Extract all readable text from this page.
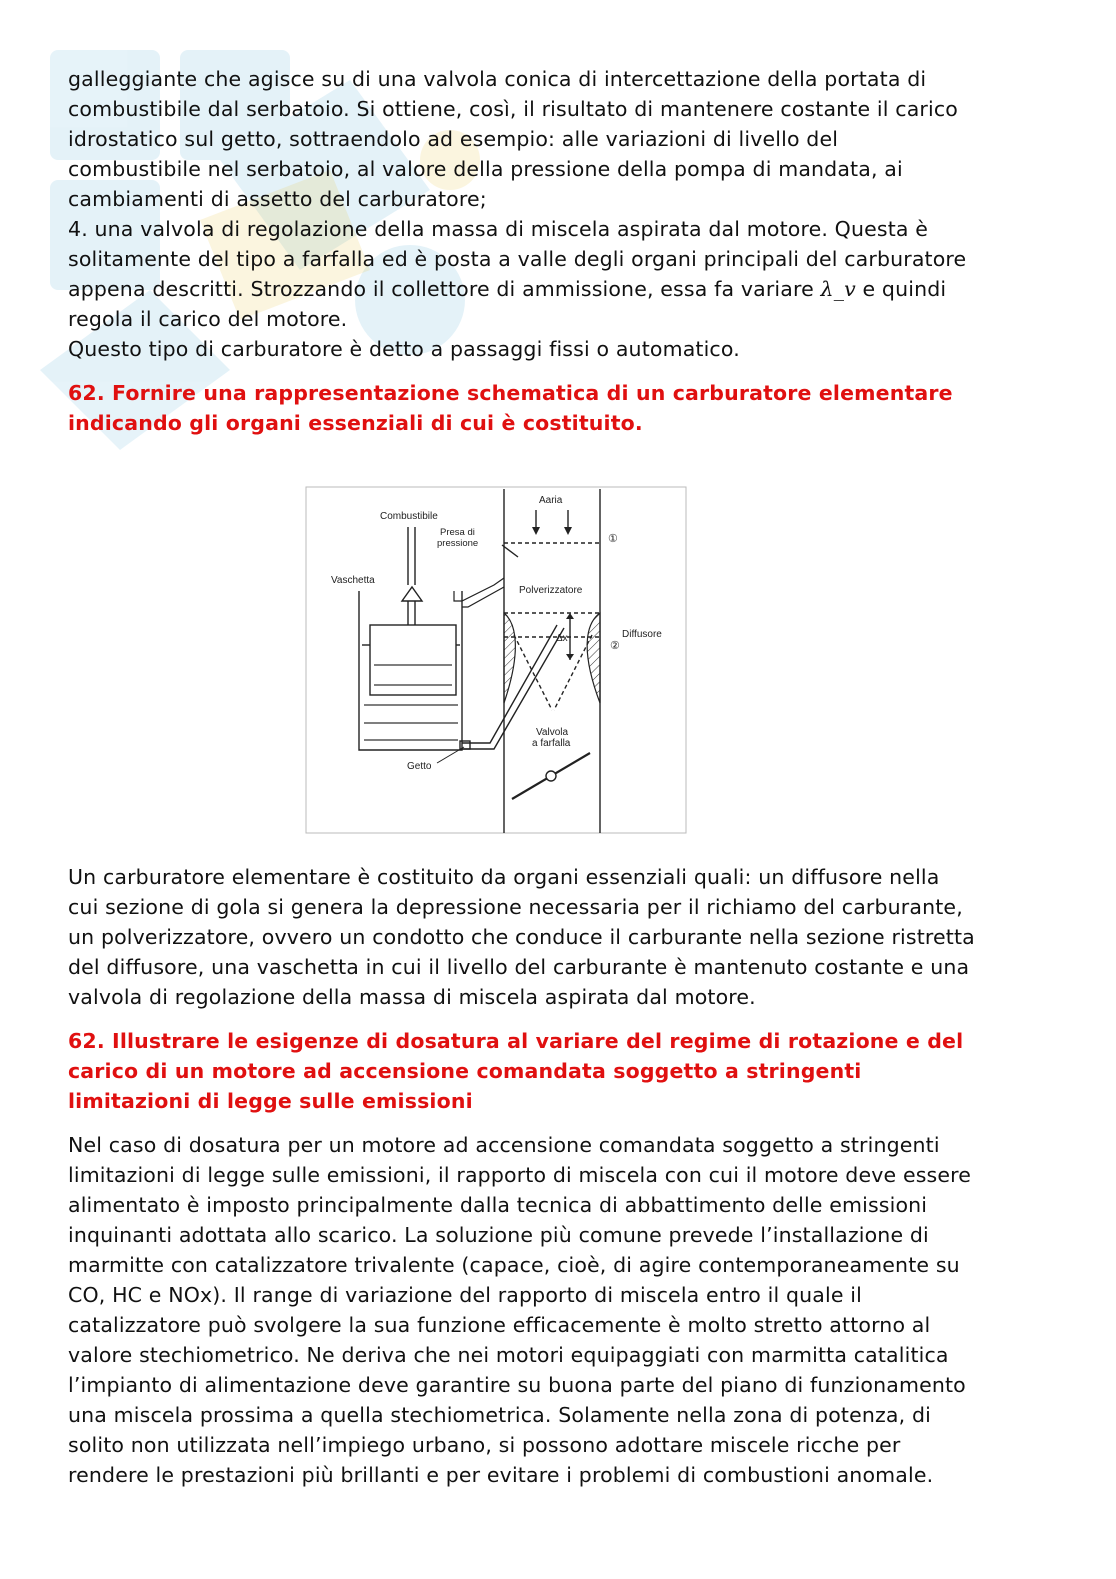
galleggiante che agisce su di una valvola conica di intercettazione della portata di
combustibile dal serbatoio. Si ottiene, così, il risultato di mantenere costante il carico
idrostatico sul getto, sottraendolo ad esempio: alle variazioni di livello del
combustibile nel serbatoio, al valore della pressione della pompa di mandata, ai
cambiamenti di assetto del carburatore;
4. una valvola di regolazione della massa di miscela aspirata dal motore. Questa è
solitamente del tipo a farfalla ed è posta a valle degli organi principali del carburatore
appena descritti. Strozzando il collettore di ammissione, essa fa variare λ_v e quindi
regola il carico del motore.
Questo tipo di carburatore è detto a passaggi fissi o automatico.

62. Fornire una rappresentazione schematica di un carburatore elementare
indicando gli organi essenziali di cui è costituito.
Aaria
Combustibile
Presa di
pressione
Vaschetta
Polverizzatore
Diffusore
Δx
Valvola
a farfalla
Getto
①
②

Un carburatore elementare è costituito da organi essenziali quali: un diffusore nella
cui sezione di gola si genera la depressione necessaria per il richiamo del carburante,
un polverizzatore, ovvero un condotto che conduce il carburante nella sezione ristretta
del diffusore, una vaschetta in cui il livello del carburante è mantenuto costante e una
valvola di regolazione della massa di miscela aspirata dal motore.

62. Illustrare le esigenze di dosatura al variare del regime di rotazione e del
carico di un motore ad accensione comandata soggetto a stringenti
limitazioni di legge sulle emissioni

Nel caso di dosatura per un motore ad accensione comandata soggetto a stringenti
limitazioni di legge sulle emissioni, il rapporto di miscela con cui il motore deve essere
alimentato è imposto principalmente dalla tecnica di abbattimento delle emissioni
inquinanti adottata allo scarico. La soluzione più comune prevede l’installazione di
marmitte con catalizzatore trivalente (capace, cioè, di agire contemporaneamente su
CO, HC e NOx). Il range di variazione del rapporto di miscela entro il quale il
catalizzatore può svolgere la sua funzione efficacemente è molto stretto attorno al
valore stechiometrico. Ne deriva che nei motori equipaggiati con marmitta catalitica
l’impianto di alimentazione deve garantire su buona parte del piano di funzionamento
una miscela prossima a quella stechiometrica. Solamente nella zona di potenza, di
solito non utilizzata nell’impiego urbano, si possono adottare miscele ricche per
rendere le prestazioni più brillanti e per evitare i problemi di combustioni anomale.
